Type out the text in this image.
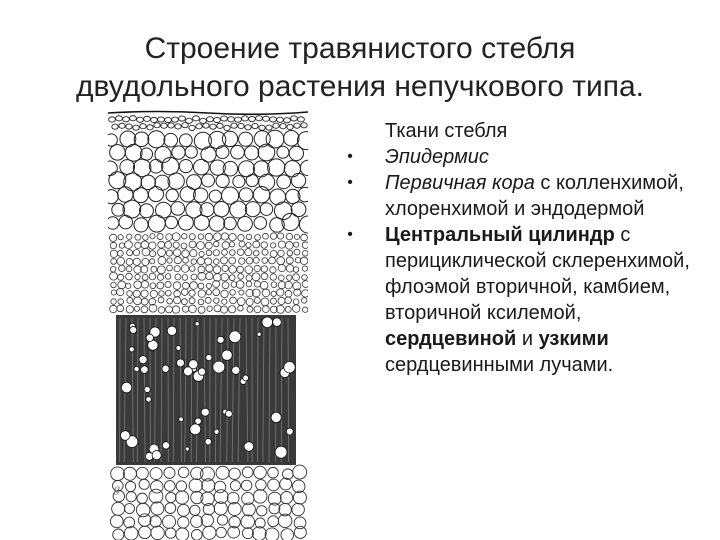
Строение травянистого стебля
двудольного растения непучкового типа.
g
Ткани стебля
•	Эпидермис
•	Первичная кора с колленхимой, хлоренхимой и эндодермой
•	Центральный цилиндр с перициклической склеренхимой, флоэмой вторичной, камбием, вторичной ксилемой, сердцевиной и узкими сердцевинными лучами.
